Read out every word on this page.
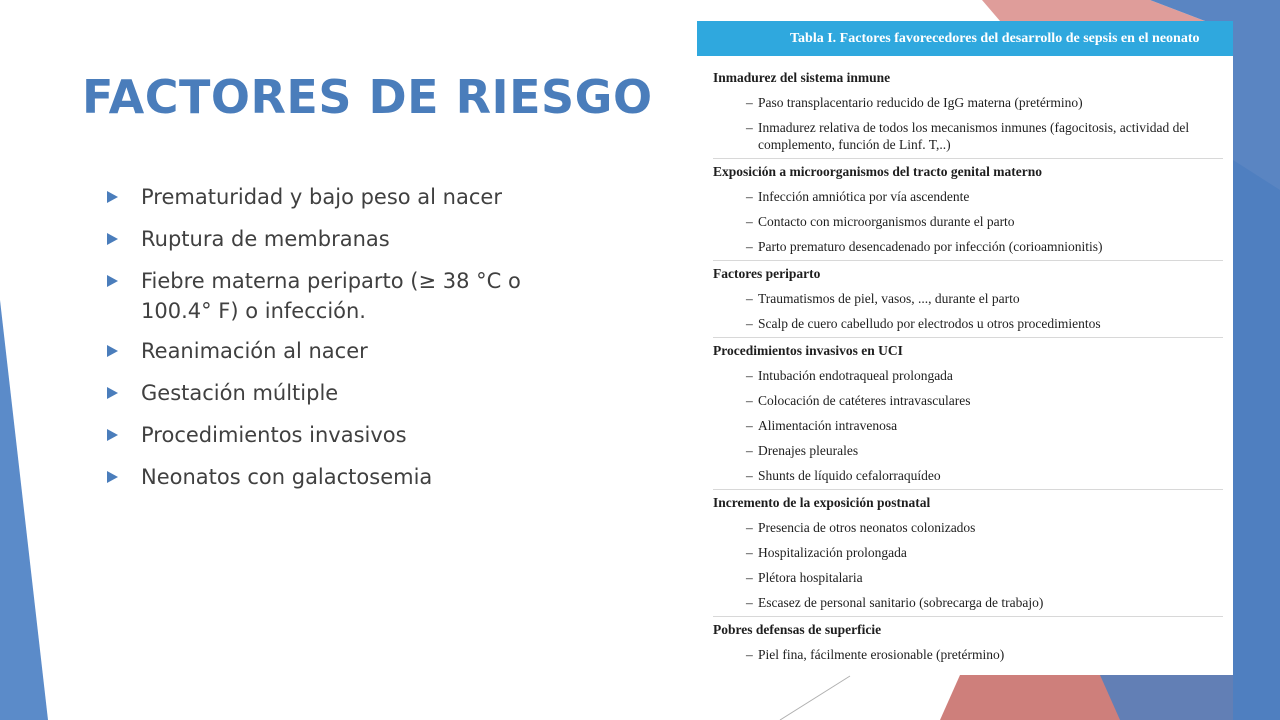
FACTORES DE RIESGO
Prematuridad y bajo peso al nacer
Ruptura de membranas
Fiebre materna periparto (≥ 38 °C o 100.4° F) o infección.
Reanimación al nacer
Gestación múltiple
Procedimientos invasivos
Neonatos con galactosemia
Tabla I. Factores favorecedores del desarrollo de sepsis en el neonato
Inmadurez del sistema inmune
– Paso transplacentario reducido de IgG materna (pretérmino)
– Inmadurez relativa de todos los mecanismos inmunes (fagocitosis, actividad del complemento, función de Linf. T,..)
Exposición a microorganismos del tracto genital materno
– Infección amniótica por vía ascendente
– Contacto con microorganismos durante el parto
– Parto prematuro desencadenado por infección (corioamnionitis)
Factores periparto
– Traumatismos de piel, vasos, ..., durante el parto
– Scalp de cuero cabelludo por electrodos u otros procedimientos
Procedimientos invasivos en UCI
– Intubación endotraqueal prolongada
– Colocación de catéteres intravasculares
– Alimentación intravenosa
– Drenajes pleurales
– Shunts de líquido cefalorraquídeo
Incremento de la exposición postnatal
– Presencia de otros neonatos colonizados
– Hospitalización prolongada
– Plétora hospitalaria
– Escasez de personal sanitario (sobrecarga de trabajo)
Pobres defensas de superficie
– Piel fina, fácilmente erosionable (pretérmino)
